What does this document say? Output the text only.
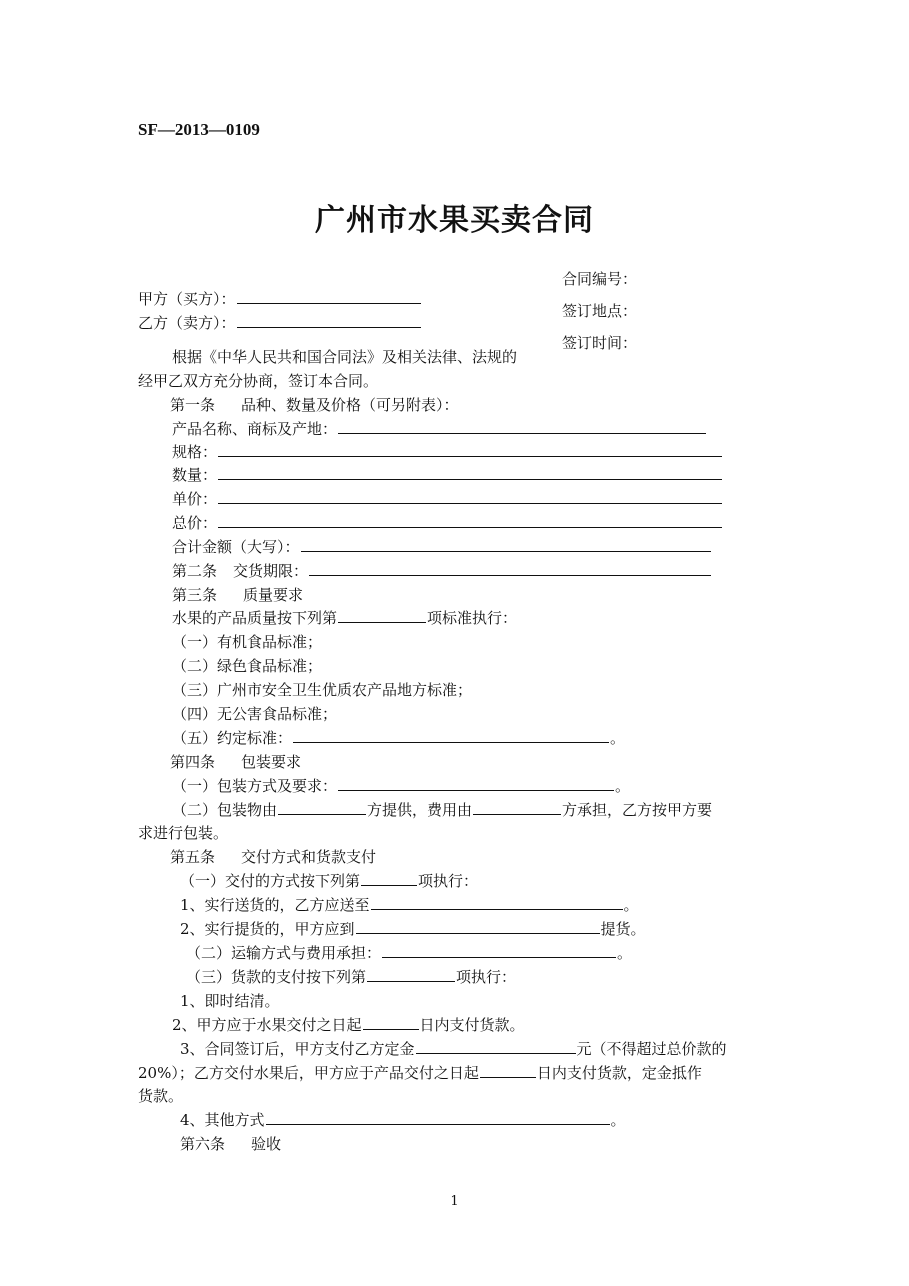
SF—2013—0109
广州市水果买卖合同
合同编号：
签订地点：
签订时间：
甲方（买方）：
乙方（卖方）：
根据《中华人民共和国合同法》及相关法律、法规的
经甲乙双方充分协商，签订本合同。
第一条 品种、数量及价格（可另附表）：
产品名称、商标及产地：
规格：
数量：
单价：
总价：
合计金额（大写）：
第二条 交货期限：
第三条 质量要求
水果的产品质量按下列第	项标准执行：
（一）有机食品标准；
（二）绿色食品标准；
（三）广州市安全卫生优质农产品地方标准；
（四）无公害食品标准；
（五）约定标准：	。
第四条 包装要求
（一）包装方式及要求：	。
（二）包装物由	方提供，费用由	方承担，乙方按甲方要
求进行包装。
第五条 交付方式和货款支付
（一）交付的方式按下列第	项执行：
1、实行送货的，乙方应送至	。
2、实行提货的，甲方应到	提货。
（二）运输方式与费用承担：	。
（三）货款的支付按下列第	项执行：
1、即时结清。
2、甲方应于水果交付之日起	日内支付货款。
3、合同签订后，甲方支付乙方定金	元（不得超过总价款的
20%）；乙方交付水果后，甲方应于产品交付之日起	日内支付货款，定金抵作
货款。
4、其他方式	。
第六条 验收
1
